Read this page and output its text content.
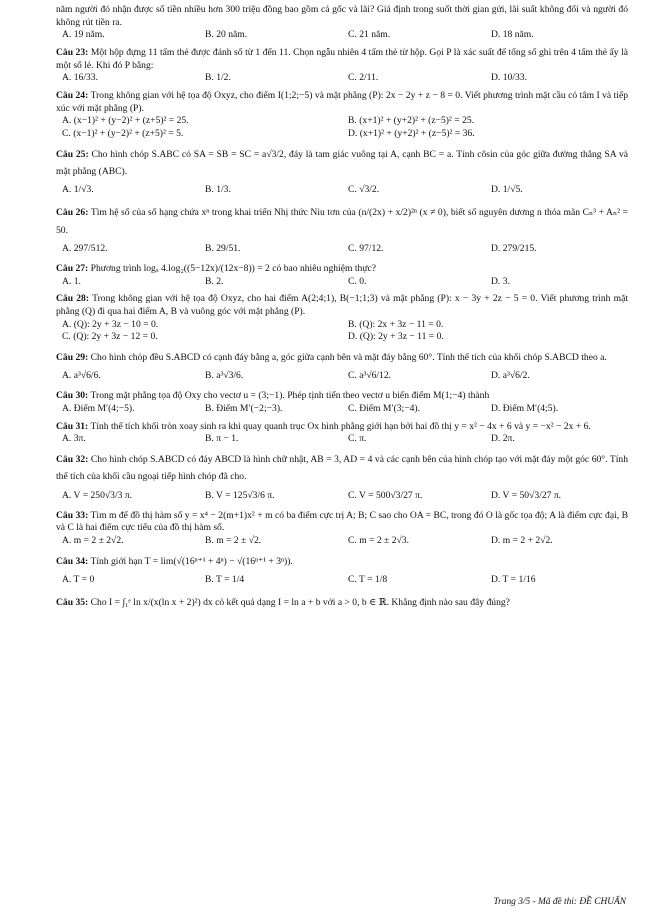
năm người đó nhận được số tiền nhiều hơn 300 triệu đồng bao gồm cả gốc và lãi? Giả định trong suốt thời gian gửi, lãi suất không đổi và người đó không rút tiền ra.
A. 19 năm.	B. 20 năm.	C. 21 năm.	D. 18 năm.
Câu 23: Một hộp đựng 11 tấm thẻ được đánh số từ 1 đến 11. Chọn ngẫu nhiên 4 tấm thẻ từ hộp. Gọi P là xác suất để tổng số ghi trên 4 tấm thẻ ấy là một số lẻ. Khi đó P bằng:
A. 16/33.	B. 1/2.	C. 2/11.	D. 10/33.
Câu 24: Trong không gian với hệ tọa độ Oxyz, cho điểm I(1;2;−5) và mặt phẳng (P): 2x − 2y + z − 8 = 0. Viết phương trình mặt cầu có tâm I và tiếp xúc với mặt phẳng (P).
A. (x−1)² + (y−2)² + (z+5)² = 25.	B. (x+1)² + (y+2)² + (z−5)² = 25.
C. (x−1)² + (y−2)² + (z+5)² = 5.	D. (x+1)² + (y+2)² + (z−5)² = 36.
Câu 25: Cho hình chóp S.ABC có SA = SB = SC = a√3/2, đáy là tam giác vuông tại A, cạnh BC = a. Tính côsin của góc giữa đường thẳng SA và mặt phẳng (ABC).
A. 1/√3.	B. 1/3.	C. √3/2.	D. 1/√5.
Câu 26: Tìm hệ số của số hạng chứa xⁿ trong khai triển Nhị thức Niu tơn của (n/(2x) + x/2)²ⁿ (x ≠ 0), biết số nguyên dương n thỏa mãn Cₙ³ + Aₙ² = 50.
A. 297/512.	B. 29/51.	C. 97/12.	D. 279/215.
Câu 27: Phương trình logₓ 4.log₂((5−12x)/(12x−8)) = 2 có bao nhiêu nghiệm thực?
A. 1.	B. 2.	C. 0.	D. 3.
Câu 28: Trong không gian với hệ tọa độ Oxyz, cho hai điểm A(2;4;1), B(−1;1;3) và mặt phẳng (P): x − 3y + 2z − 5 = 0. Viết phương trình mặt phẳng (Q) đi qua hai điểm A, B và vuông góc với mặt phẳng (P).
A. (Q): 2y + 3z − 10 = 0.	B. (Q): 2x + 3z − 11 = 0.
C. (Q): 2y + 3z − 12 = 0.	D. (Q): 2y + 3z − 11 = 0.
Câu 29: Cho hình chóp đều S.ABCD có cạnh đáy bằng a, góc giữa cạnh bên và mặt đáy bằng 60°. Tính thể tích của khối chóp S.ABCD theo a.
A. a³√6/6.	B. a³√3/6.	C. a³√6/12.	D. a³√6/2.
Câu 30: Trong mặt phẳng tọa độ Oxy cho vectơ u = (3;−1). Phép tịnh tiến theo vectơ u biến điểm M(1;−4) thành
A. Điểm M′(4;−5).	B. Điểm M′(−2;−3).	C. Điểm M′(3;−4).	D. Điểm M′(4;5).
Câu 31: Tính thể tích khối tròn xoay sinh ra khi quay quanh trục Ox hình phẳng giới hạn bởi hai đồ thị y = x² − 4x + 6 và y = −x² − 2x + 6.
A. 3π.	B. π − 1.	C. π.	D. 2π.
Câu 32: Cho hình chóp S.ABCD có đáy ABCD là hình chữ nhật, AB = 3, AD = 4 và các cạnh bên của hình chóp tạo với mặt đáy một góc 60°. Tính thể tích của khối cầu ngoại tiếp hình chóp đã cho.
A. V = 250√3/3 π.	B. V = 125√3/6 π.	C. V = 500√3/27 π.	D. V = 50√3/27 π.
Câu 33: Tìm m để đồ thị hàm số y = x⁴ − 2(m+1)x² + m có ba điểm cực trị A; B; C sao cho OA = BC, trong đó O là gốc tọa độ; A là điểm cực đại, B và C là hai điểm cực tiểu của đồ thị hàm số.
A. m = 2 ± 2√2.	B. m = 2 ± √2.	C. m = 2 ± 2√3.	D. m = 2 + 2√2.
Câu 34: Tính giới hạn T = lim(√(16ⁿ⁺¹ + 4ⁿ) − √(16ⁿ⁺¹ + 3ⁿ)).
A. T = 0	B. T = 1/4	C. T = 1/8	D. T = 1/16
Câu 35: Cho I = ∫₁ᵉ ln x/(x(ln x + 2)²) dx có kết quả dạng I = ln a + b với a > 0, b ∈ ℝ. Khẳng định nào sau đây đúng?
Trang 3/5 - Mã đề thi: ĐỀ CHUẨN
